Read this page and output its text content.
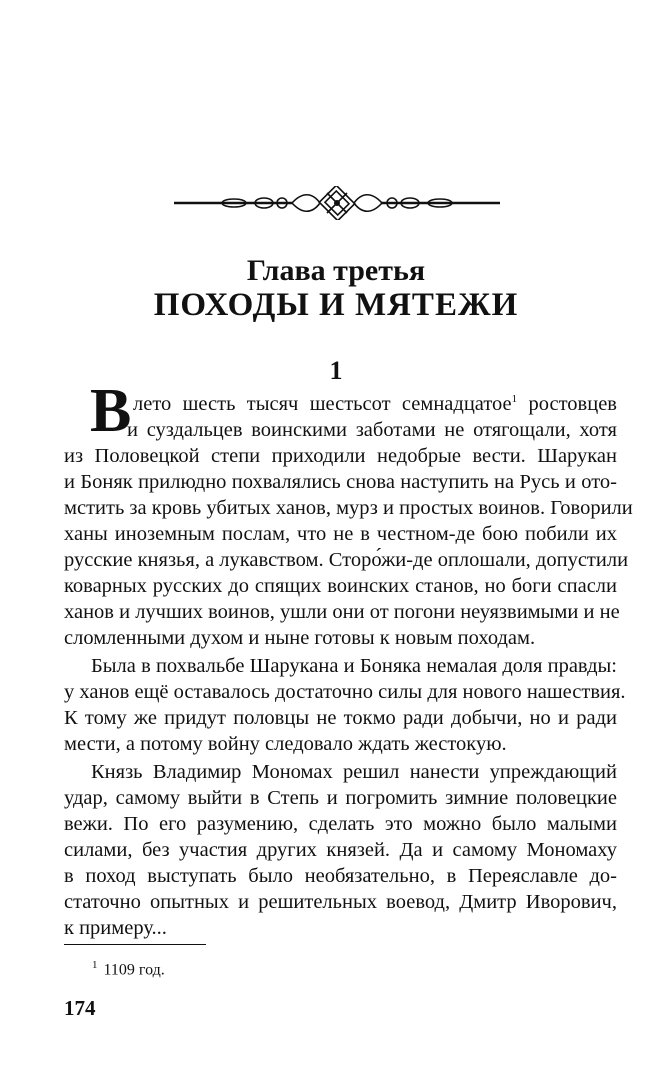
Глава третья
ПОХОДЫ И МЯТЕЖИ
1
В лето шесть тысяч шестьсот семнадцатое$^1$ ростовцев
и суздальцев воинскими заботами не отягощали, хотя
из Половецкой степи приходили недобрые вести. Шарукан
и Боняк прилюдно похвалялись снова наступить на Русь и ото-
мстить за кровь убитых ханов, мурз и простых воинов. Говорили
ханы иноземным послам, что не в честном-де бою побили их
русские князья, а лукавством. Сторо́жи-де оплошали, допустили
коварных русских до спящих воинских станов, но боги спасли
ханов и лучших воинов, ушли они от погони неуязвимыми и не
сломленными духом и ныне готовы к новым походам.
Была в похвальбе Шарукана и Боняка немалая доля правды:
у ханов ещё оставалось достаточно силы для нового нашествия.
К тому же придут половцы не токмо ради добычи, но и ради
мести, а потому войну следовало ждать жестокую.
Князь Владимир Мономах решил нанести упреждающий
удар, самому выйти в Степь и погромить зимние половецкие
вежи. По его разумению, сделать это можно было малыми
силами, без участия других князей. Да и самому Мономаху
в поход выступать было необязательно, в Переяславле до-
статочно опытных и решительных воевод, Дмитр Иворович,
к примеру...
$^1$ 1109 год.
174
